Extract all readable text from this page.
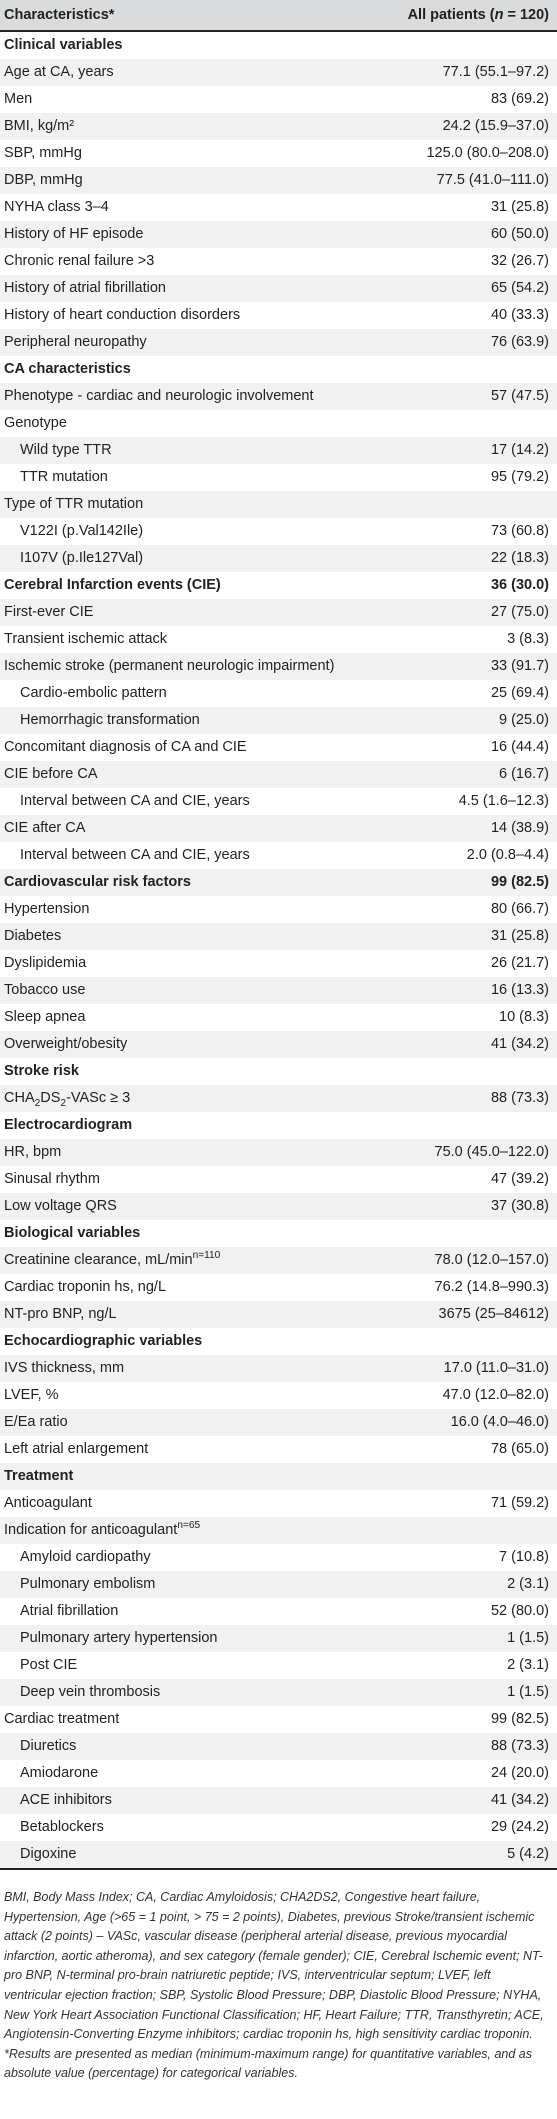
Characteristics*	All patients (n = 120)
Clinical variables	
Age at CA, years	77.1 (55.1–97.2)
Men	83 (69.2)
BMI, kg/m²	24.2 (15.9–37.0)
SBP, mmHg	125.0 (80.0–208.0)
DBP, mmHg	77.5 (41.0–111.0)
NYHA class 3–4	31 (25.8)
History of HF episode	60 (50.0)
Chronic renal failure >3	32 (26.7)
History of atrial fibrillation	65 (54.2)
History of heart conduction disorders	40 (33.3)
Peripheral neuropathy	76 (63.9)
CA characteristics	
Phenotype - cardiac and neurologic involvement	57 (47.5)
Genotype	
Wild type TTR	17 (14.2)
TTR mutation	95 (79.2)
Type of TTR mutation	
V122I (p.Val142Ile)	73 (60.8)
I107V (p.Ile127Val)	22 (18.3)
Cerebral Infarction events (CIE)	36 (30.0)
First-ever CIE	27 (75.0)
Transient ischemic attack	3 (8.3)
Ischemic stroke (permanent neurologic impairment)	33 (91.7)
Cardio-embolic pattern	25 (69.4)
Hemorrhagic transformation	9 (25.0)
Concomitant diagnosis of CA and CIE	16 (44.4)
CIE before CA	6 (16.7)
Interval between CA and CIE, years	4.5 (1.6–12.3)
CIE after CA	14 (38.9)
Interval between CA and CIE, years	2.0 (0.8–4.4)
Cardiovascular risk factors	99 (82.5)
Hypertension	80 (66.7)
Diabetes	31 (25.8)
Dyslipidemia	26 (21.7)
Tobacco use	16 (13.3)
Sleep apnea	10 (8.3)
Overweight/obesity	41 (34.2)
Stroke risk	
$CHA_2DS_2$-VASc ≥ 3	88 (73.3)
Electrocardiogram	
HR, bpm	75.0 (45.0–122.0)
Sinusal rhythm	47 (39.2)
Low voltage QRS	37 (30.8)
Biological variables	
Creatinine clearance, $mL/\min^{n=110}$	78.0 (12.0–157.0)
Cardiac troponin hs, ng/L	76.2 (14.8–990.3)
NT-pro BNP, ng/L	3675 (25–84612)
Echocardiographic variables	
IVS thickness, mm	17.0 (11.0–31.0)
LVEF, %	47.0 (12.0–82.0)
E/Ea ratio	16.0 (4.0–46.0)
Left atrial enlargement	78 (65.0)
Treatment	
Anticoagulant	71 (59.2)
Indication for anticoagulant$^{n=65}$	
Amyloid cardiopathy	7 (10.8)
Pulmonary embolism	2 (3.1)
Atrial fibrillation	52 (80.0)
Pulmonary artery hypertension	1 (1.5)
Post CIE	2 (3.1)
Deep vein thrombosis	1 (1.5)
Cardiac treatment	99 (82.5)
Diuretics	88 (73.3)
Amiodarone	24 (20.0)
ACE inhibitors	41 (34.2)
Betablockers	29 (24.2)
Digoxine	5 (4.2)

BMI, Body Mass Index; CA, Cardiac Amyloidosis; CHA2DS2, Congestive heart failure, Hypertension, Age (>65 = 1 point, > 75 = 2 points), Diabetes, previous Stroke/transient ischemic attack (2 points) – VASc, vascular disease (peripheral arterial disease, previous myocardial infarction, aortic atheroma), and sex category (female gender); CIE, Cerebral Ischemic event; NT-pro BNP, N-terminal pro-brain natriuretic peptide; IVS, interventricular septum; LVEF, left ventricular ejection fraction; SBP, Systolic Blood Pressure; DBP, Diastolic Blood Pressure; NYHA, New York Heart Association Functional Classification; HF, Heart Failure; TTR, Transthyretin; ACE, Angiotensin-Converting Enzyme inhibitors; cardiac troponin hs, high sensitivity cardiac troponin. *Results are presented as median (minimum-maximum range) for quantitative variables, and as absolute value (percentage) for categorical variables.
